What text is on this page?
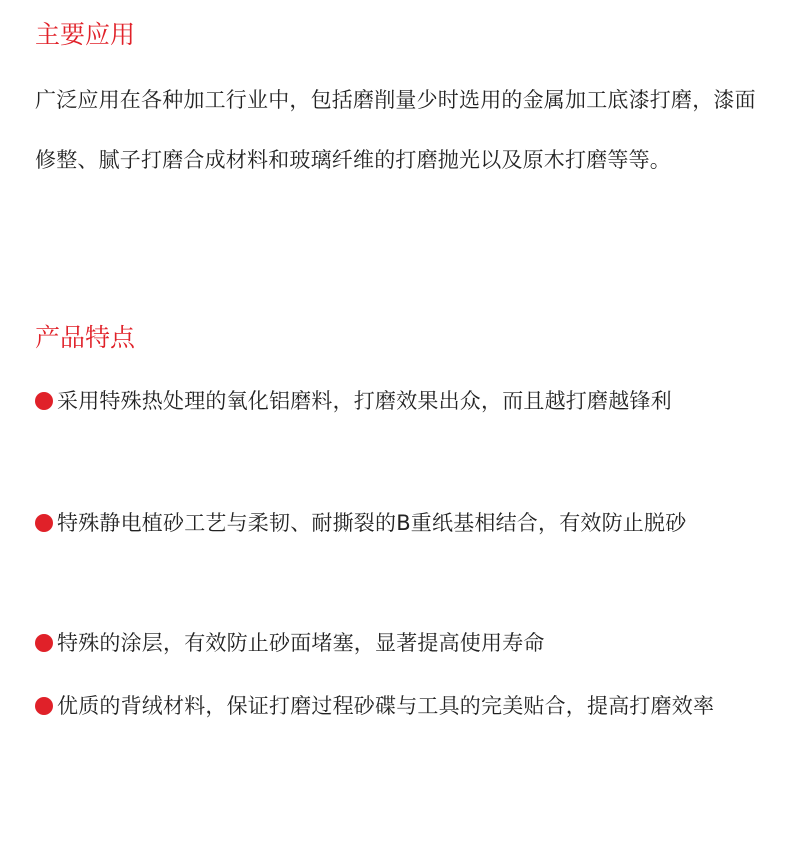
主要应用

广泛应用在各种加工行业中，包括磨削量少时选用的金属加工底漆打磨，漆面修整、腻子打磨合成材料和玻璃纤维的打磨抛光以及原木打磨等等。

产品特点

采用特殊热处理的氧化铝磨料，打磨效果出众，而且越打磨越锋利

特殊静电植砂工艺与柔韧、耐撕裂的B重纸基相结合，有效防止脱砂

特殊的涂层，有效防止砂面堵塞，显著提高使用寿命

优质的背绒材料，保证打磨过程砂碟与工具的完美贴合，提高打磨效率
